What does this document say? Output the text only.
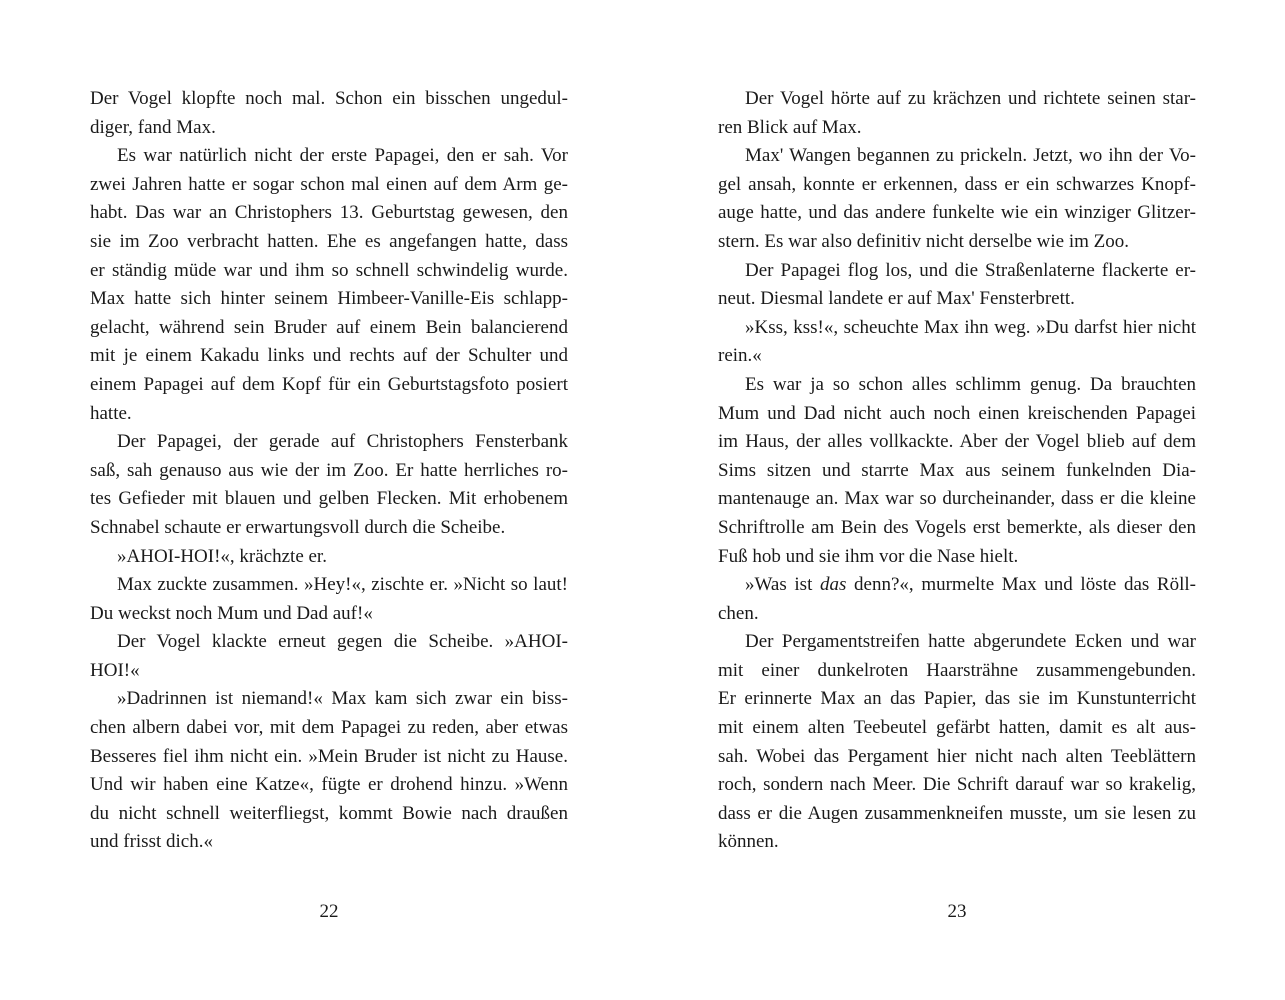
Der Vogel klopfte noch mal. Schon ein bisschen ungedul-
diger, fand Max.
Es war natürlich nicht der erste Papagei, den er sah. Vor
zwei Jahren hatte er sogar schon mal einen auf dem Arm ge-
habt. Das war an Christophers 13. Geburtstag gewesen, den
sie im Zoo verbracht hatten. Ehe es angefangen hatte, dass
er ständig müde war und ihm so schnell schwindelig wurde.
Max hatte sich hinter seinem Himbeer-Vanille-Eis schlapp-
gelacht, während sein Bruder auf einem Bein balancierend
mit je einem Kakadu links und rechts auf der Schulter und
einem Papagei auf dem Kopf für ein Geburtstagsfoto posiert
hatte.
Der Papagei, der gerade auf Christophers Fensterbank
saß, sah genauso aus wie der im Zoo. Er hatte herrliches ro-
tes Gefieder mit blauen und gelben Flecken. Mit erhobenem
Schnabel schaute er erwartungsvoll durch die Scheibe.
»AHOI-HOI!«, krächzte er.
Max zuckte zusammen. »Hey!«, zischte er. »Nicht so laut!
Du weckst noch Mum und Dad auf!«
Der Vogel klackte erneut gegen die Scheibe. »AHOI-
HOI!«
»Dadrinnen ist niemand!« Max kam sich zwar ein biss-
chen albern dabei vor, mit dem Papagei zu reden, aber etwas
Besseres fiel ihm nicht ein. »Mein Bruder ist nicht zu Hause.
Und wir haben eine Katze«, fügte er drohend hinzu. »Wenn
du nicht schnell weiterfliegst, kommt Bowie nach draußen
und frisst dich.«
Der Vogel hörte auf zu krächzen und richtete seinen star-
ren Blick auf Max.
Max' Wangen begannen zu prickeln. Jetzt, wo ihn der Vo-
gel ansah, konnte er erkennen, dass er ein schwarzes Knopf-
auge hatte, und das andere funkelte wie ein winziger Glitzer-
stern. Es war also definitiv nicht derselbe wie im Zoo.
Der Papagei flog los, und die Straßenlaterne flackerte er-
neut. Diesmal landete er auf Max' Fensterbrett.
»Kss, kss!«, scheuchte Max ihn weg. »Du darfst hier nicht
rein.«
Es war ja so schon alles schlimm genug. Da brauchten
Mum und Dad nicht auch noch einen kreischenden Papagei
im Haus, der alles vollkackte. Aber der Vogel blieb auf dem
Sims sitzen und starrte Max aus seinem funkelnden Dia-
mantenauge an. Max war so durcheinander, dass er die kleine
Schriftrolle am Bein des Vogels erst bemerkte, als dieser den
Fuß hob und sie ihm vor die Nase hielt.
»Was ist das denn?«, murmelte Max und löste das Röll-
chen.
Der Pergamentstreifen hatte abgerundete Ecken und war
mit einer dunkelroten Haarsträhne zusammengebunden.
Er erinnerte Max an das Papier, das sie im Kunstunterricht
mit einem alten Teebeutel gefärbt hatten, damit es alt aus-
sah. Wobei das Pergament hier nicht nach alten Teeblättern
roch, sondern nach Meer. Die Schrift darauf war so krakelig,
dass er die Augen zusammenkneifen musste, um sie lesen zu
können.
22	23
